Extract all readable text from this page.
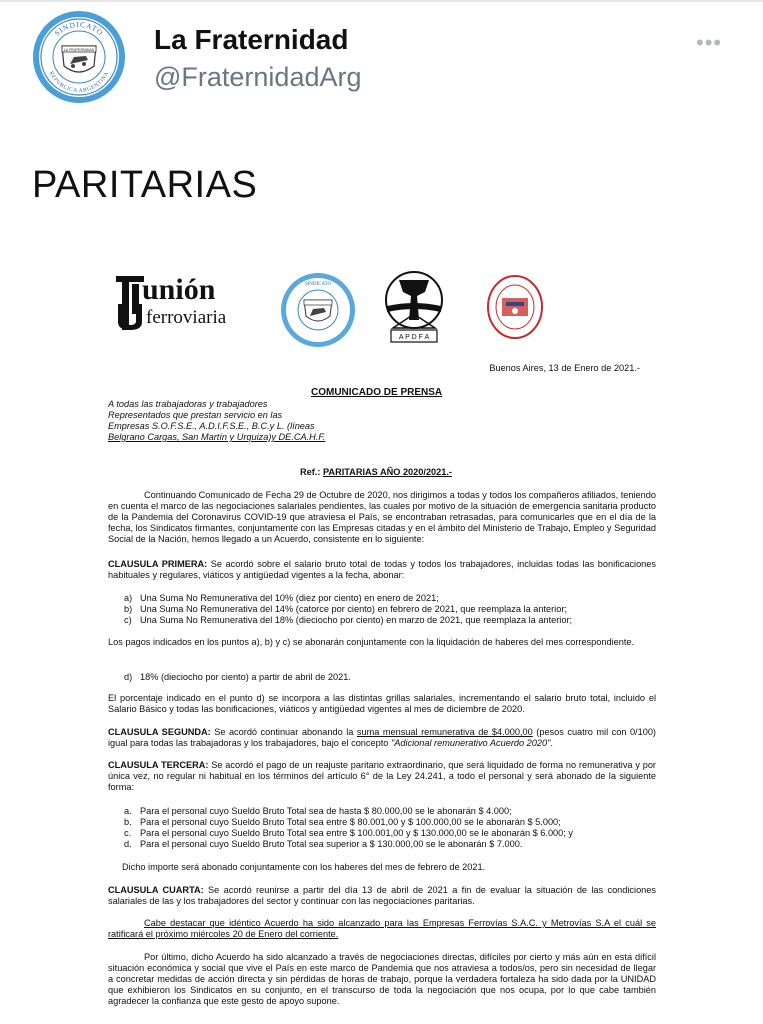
SINDICATO
REPUBLICA ARGENTINA
LA FRATERNIDAD La Fraternidad
@FraternidadArg
•••
PARITARIAS
unión
ferroviaria
SINDICATO
A P D F A
Buenos Aires, 13 de Enero de 2021.-
COMUNICADO DE PRENSA
A todas las trabajadoras y trabajadores
Representados que prestan servicio en las
Empresas S.O.F.S.E., A.D.I.F.S.E., B.C.y L. (líneas
Belgrano Cargas, San Martín y Urquiza)y DE.CA.H.F.
Ref.: PARITARIAS AÑO 2020/2021.-
Continuando Comunicado de Fecha 29 de Octubre de 2020, nos dirigimos a todas y todos los compañeros afiliados, teniendo en cuenta el marco de las negociaciones salariales pendientes, las cuales por motivo de la situación de emergencia sanitaria producto de la Pandemia del Coronavirus COVID-19 que atraviesa el País, se encontraban retrasadas, para comunicarles que en el día de la fecha, los Sindicatos firmantes, conjuntamente con las Empresas citadas y en el ámbito del Ministerio de Trabajo, Empleo y Seguridad Social de la Nación, hemos llegado a un Acuerdo, consistente en lo siguiente:
CLAUSULA PRIMERA: Se acordó sobre el salario bruto total de todas y todos los trabajadores, incluidas todas las bonificaciones habituales y regulares, viáticos y antigüedad vigentes a la fecha, abonar:
a) Una Suma No Remunerativa del 10% (diez por ciento) en enero de 2021;
b) Una Suma No Remunerativa del 14% (catorce por ciento) en febrero de 2021, que reemplaza la anterior;
c) Una Suma No Remunerativa del 18% (dieciocho por ciento) en marzo de 2021, que reemplaza la anterior;
Los pagos indicados en los puntos a), b) y c) se abonarán conjuntamente con la liquidación de haberes del mes correspondiente.
d) 18% (dieciocho por ciento) a partir de abril de 2021.
El porcentaje indicado en el punto d) se incorpora a las distintas grillas salariales, incrementando el salario bruto total, incluido el Salario Básico y todas las bonificaciones, viáticos y antigüedad vigentes al mes de diciembre de 2020.
CLAUSULA SEGUNDA: Se acordó continuar abonando la suma mensual remunerativa de $4.000,00 (pesos cuatro mil con 0/100) igual para todas las trabajadoras y los trabajadores, bajo el concepto "Adicional remunerativo Acuerdo 2020".
CLAUSULA TERCERA: Se acordó el pago de un reajuste paritario extraordinario, que será liquidado de forma no remunerativa y por única vez, no regular ni habitual en los términos del artículo 6° de la Ley 24.241, a todo el personal y será abonado de la siguiente forma:
a. Para el personal cuyo Sueldo Bruto Total sea de hasta $ 80.000,00 se le abonarán $ 4.000;
b. Para el personal cuyo Sueldo Bruto Total sea entre $ 80.001,00 y $ 100.000,00 se le abonarán $ 5.000;
c. Para el personal cuyo Sueldo Bruto Total sea entre $ 100.001,00 y $ 130.000,00 se le abonarán $ 6.000; y
d. Para el personal cuyo Sueldo Bruto Total sea superior a $ 130.000,00 se le abonarán $ 7.000.
Dicho importe será abonado conjuntamente con los haberes del mes de febrero de 2021.
CLAUSULA CUARTA: Se acordó reunirse a partir del día 13 de abril de 2021 a fin de evaluar la situación de las condiciones salariales de las y los trabajadores del sector y continuar con las negociaciones paritarias.
Cabe destacar que idéntico Acuerdo ha sido alcanzado para las Empresas Ferrovías S.A.C. y Metrovías S.A el cuál se ratificará el próximo miércoles 20 de Enero del corriente.
Por último, dicho Acuerdo ha sido alcanzado a través de negociaciones directas, difíciles por cierto y más aún en esta difícil situación económica y social que vive el País en este marco de Pandemia que nos atraviesa a todos/os, pero sin necesidad de llegar a concretar medidas de acción directa y sin pérdidas de horas de trabajo, porque la verdadera fortaleza ha sido dada por la UNIDAD que exhibieron los Sindicatos en su conjunto, en el transcurso de toda la negociación que nos ocupa, por lo que cabe también agradecer la confianza que este gesto de apoyo supone.
